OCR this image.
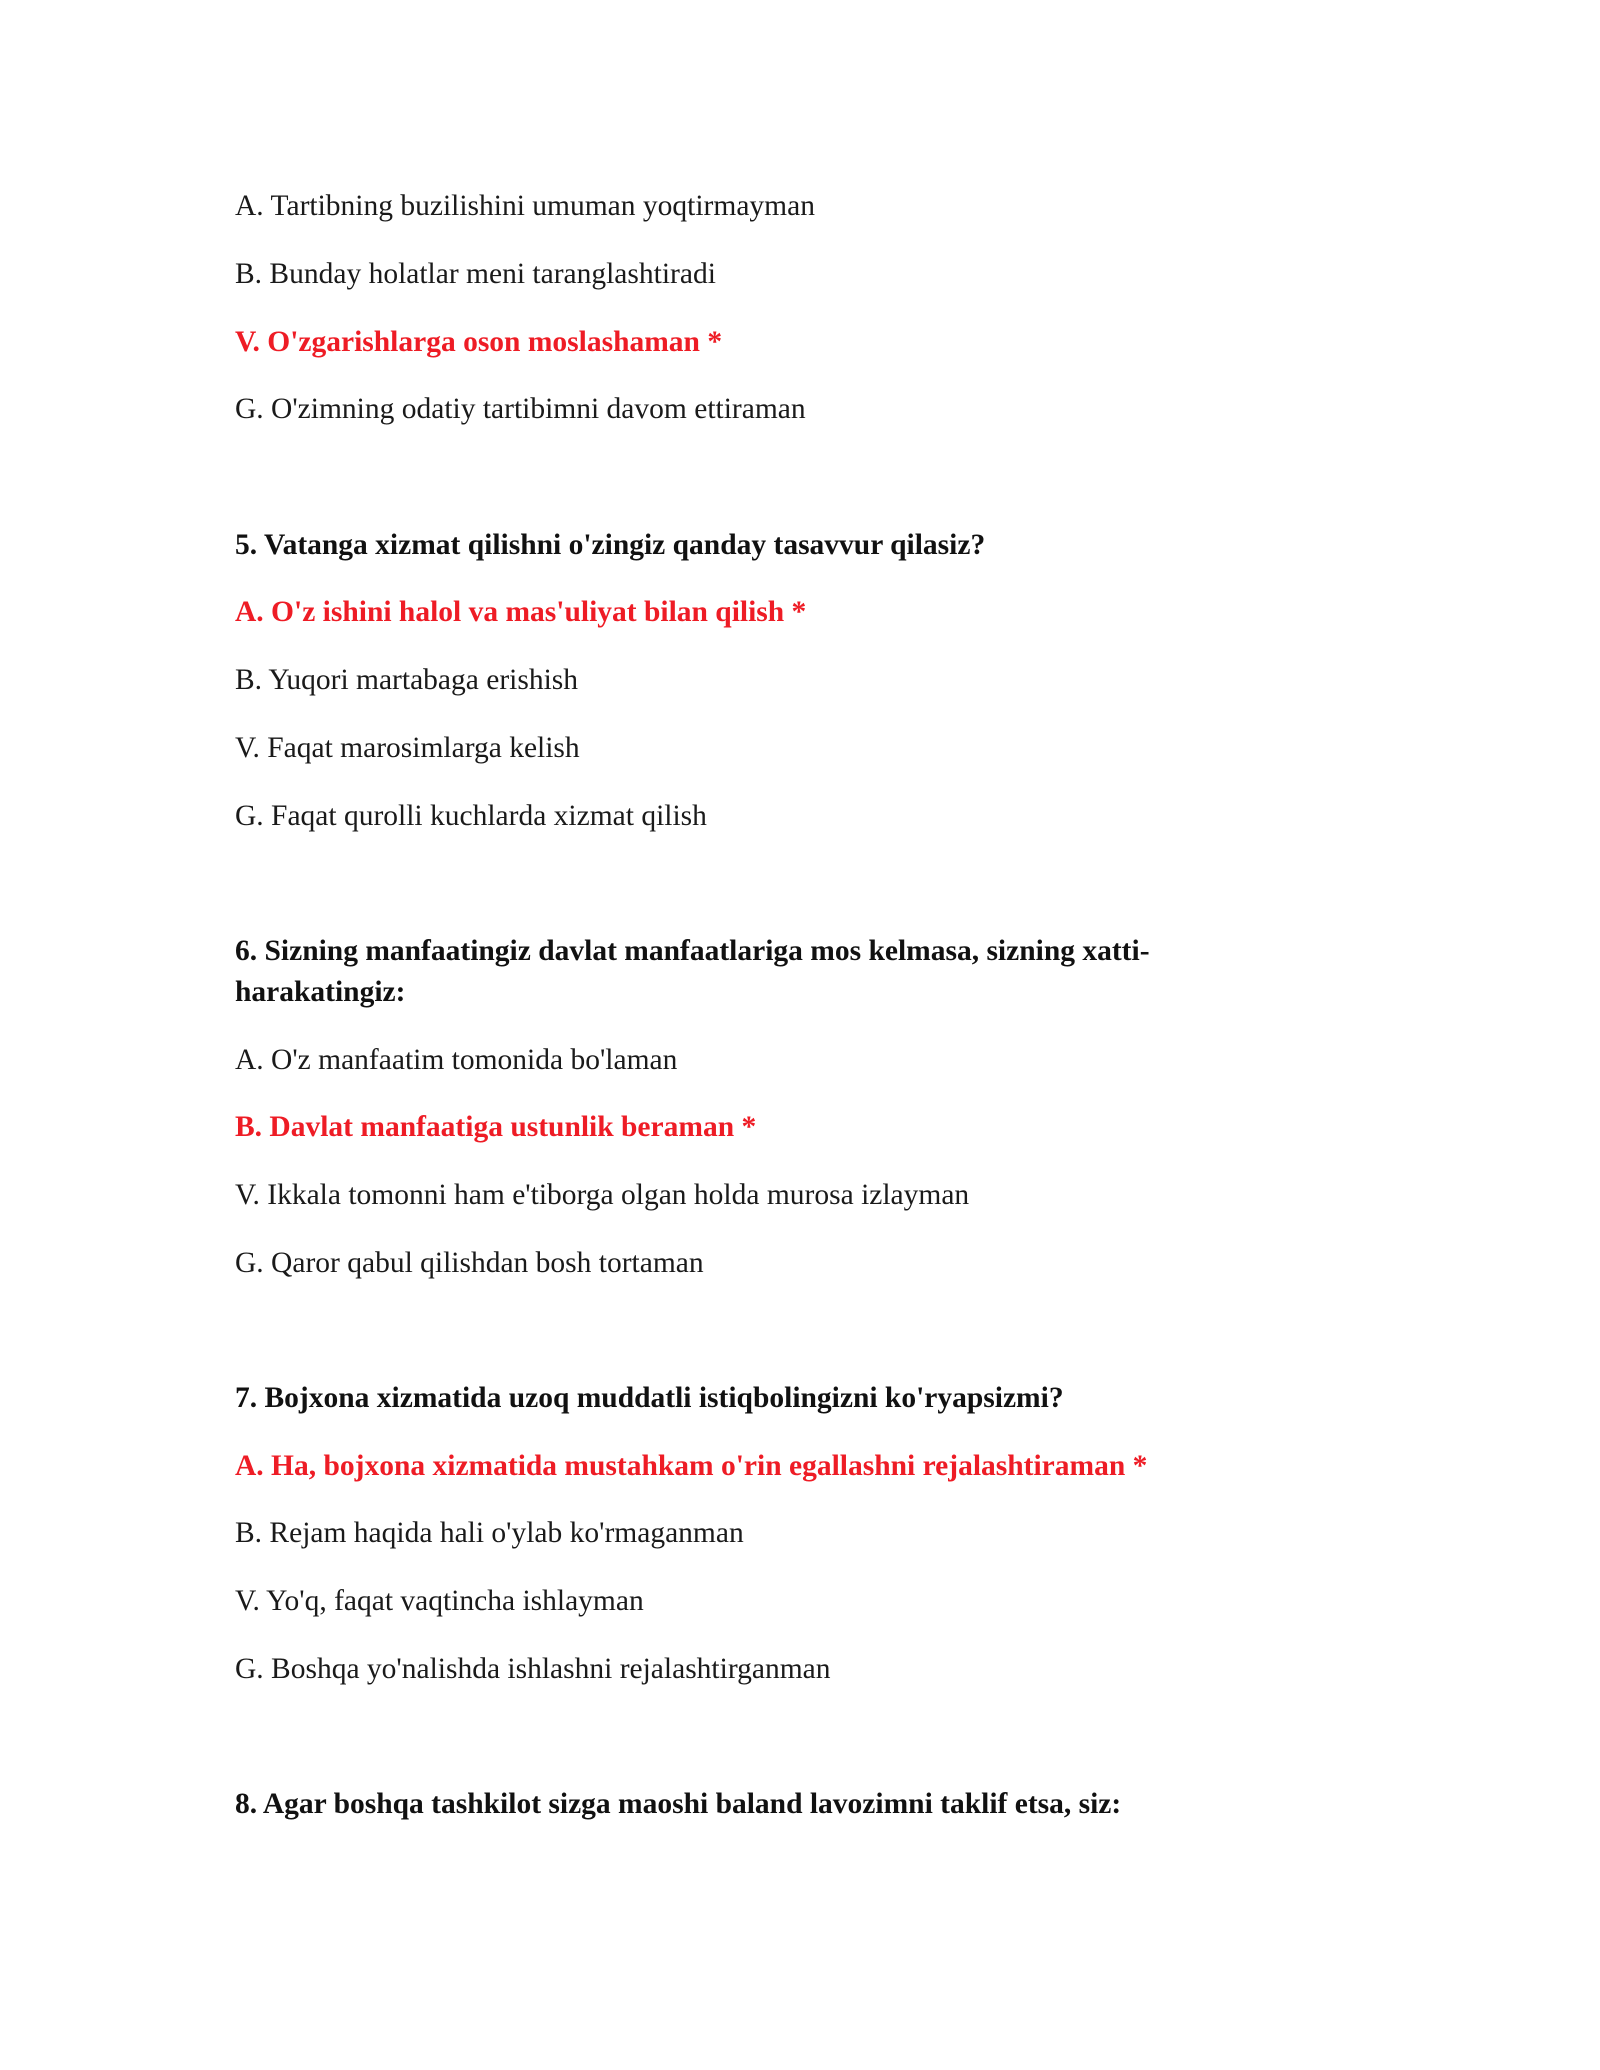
A. Tartibning buzilishini umuman yoqtirmayman
B. Bunday holatlar meni taranglashtiradi
V. O'zgarishlarga oson moslashaman *
G. O'zimning odatiy tartibimni davom ettiraman
5. Vatanga xizmat qilishni o'zingiz qanday tasavvur qilasiz?
A. O'z ishini halol va mas'uliyat bilan qilish *
B. Yuqori martabaga erishish
V. Faqat marosimlarga kelish
G. Faqat qurolli kuchlarda xizmat qilish
6. Sizning manfaatingiz davlat manfaatlariga mos kelmasa, sizning xatti-
harakatingiz:
A. O'z manfaatim tomonida bo'laman
B. Davlat manfaatiga ustunlik beraman *
V. Ikkala tomonni ham e'tiborga olgan holda murosa izlayman
G. Qaror qabul qilishdan bosh tortaman
7. Bojxona xizmatida uzoq muddatli istiqbolingizni ko'ryapsizmi?
A. Ha, bojxona xizmatida mustahkam o'rin egallashni rejalashtiraman *
B. Rejam haqida hali o'ylab ko'rmaganman
V. Yo'q, faqat vaqtincha ishlayman
G. Boshqa yo'nalishda ishlashni rejalashtirganman
8. Agar boshqa tashkilot sizga maoshi baland lavozimni taklif etsa, siz:
